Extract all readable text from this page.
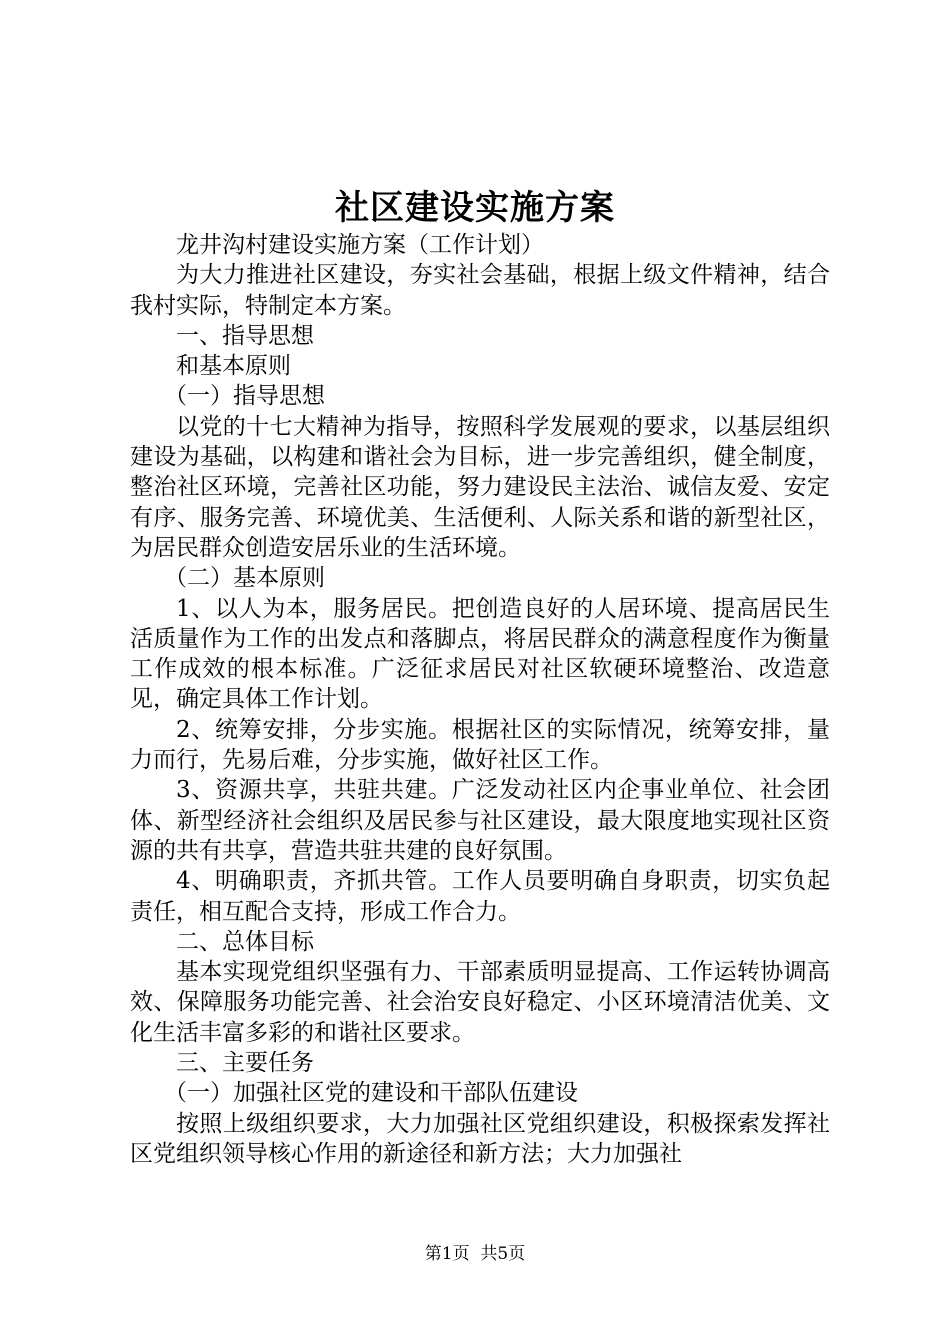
社区建设实施方案

龙井沟村建设实施方案（工作计划）

为大力推进社区建设，夯实社会基础，根据上级文件精神，结合我村实际，特制定本方案。

一、指导思想

和基本原则

（一）指导思想

以党的十七大精神为指导，按照科学发展观的要求，以基层组织建设为基础，以构建和谐社会为目标，进一步完善组织，健全制度，整治社区环境，完善社区功能，努力建设民主法治、诚信友爱、安定有序、服务完善、环境优美、生活便利、人际关系和谐的新型社区，为居民群众创造安居乐业的生活环境。

（二）基本原则

1、以人为本，服务居民。把创造良好的人居环境、提高居民生活质量作为工作的出发点和落脚点，将居民群众的满意程度作为衡量工作成效的根本标准。广泛征求居民对社区软硬环境整治、改造意见，确定具体工作计划。

2、统筹安排，分步实施。根据社区的实际情况，统筹安排，量力而行，先易后难，分步实施，做好社区工作。

3、资源共享，共驻共建。广泛发动社区内企事业单位、社会团体、新型经济社会组织及居民参与社区建设，最大限度地实现社区资源的共有共享，营造共驻共建的良好氛围。

4、明确职责，齐抓共管。工作人员要明确自身职责，切实负起责任，相互配合支持，形成工作合力。

二、总体目标

基本实现党组织坚强有力、干部素质明显提高、工作运转协调高效、保障服务功能完善、社会治安良好稳定、小区环境清洁优美、文化生活丰富多彩的和谐社区要求。

三、主要任务

（一）加强社区党的建设和干部队伍建设

按照上级组织要求，大力加强社区党组织建设，积极探索发挥社区党组织领导核心作用的新途径和新方法；大力加强社

第1页 共5页
